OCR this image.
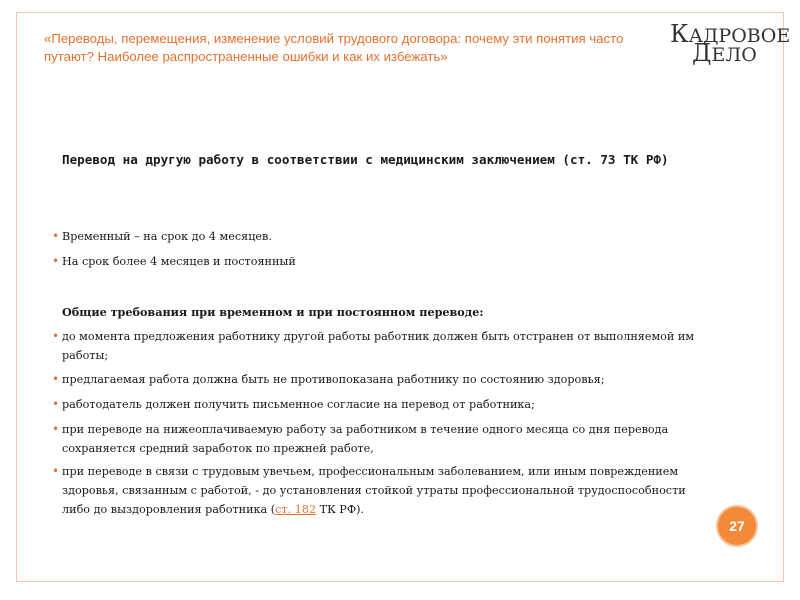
«Переводы, перемещения, изменение условий трудового договора: почему эти понятия часто путают? Наиболее распространенные ошибки и как их избежать»

КАДРОВОЕ
ДЕЛО

Перевод на другую работу в соответствии с медицинским заключением (ст. 73 ТК РФ)

• Временный – на срок до 4 месяцев.
• На срок более 4 месяцев и постоянный

Общие требования при временном и при постоянном переводе:

• до момента предложения работнику другой работы работник должен быть отстранен от выполняемой им работы;
• предлагаемая работа должна быть не противопоказана работнику по состоянию здоровья;
• работодатель должен получить письменное согласие на перевод от работника;
• при переводе на нижеоплачиваемую работу за работником в течение одного месяца со дня перевода сохраняется средний заработок по прежней работе,
• при переводе в связи с трудовым увечьем, профессиональным заболеванием, или иным повреждением здоровья, связанным с работой, - до установления стойкой утраты профессиональной трудоспособности либо до выздоровления работника (ст. 182 ТК РФ).
27
